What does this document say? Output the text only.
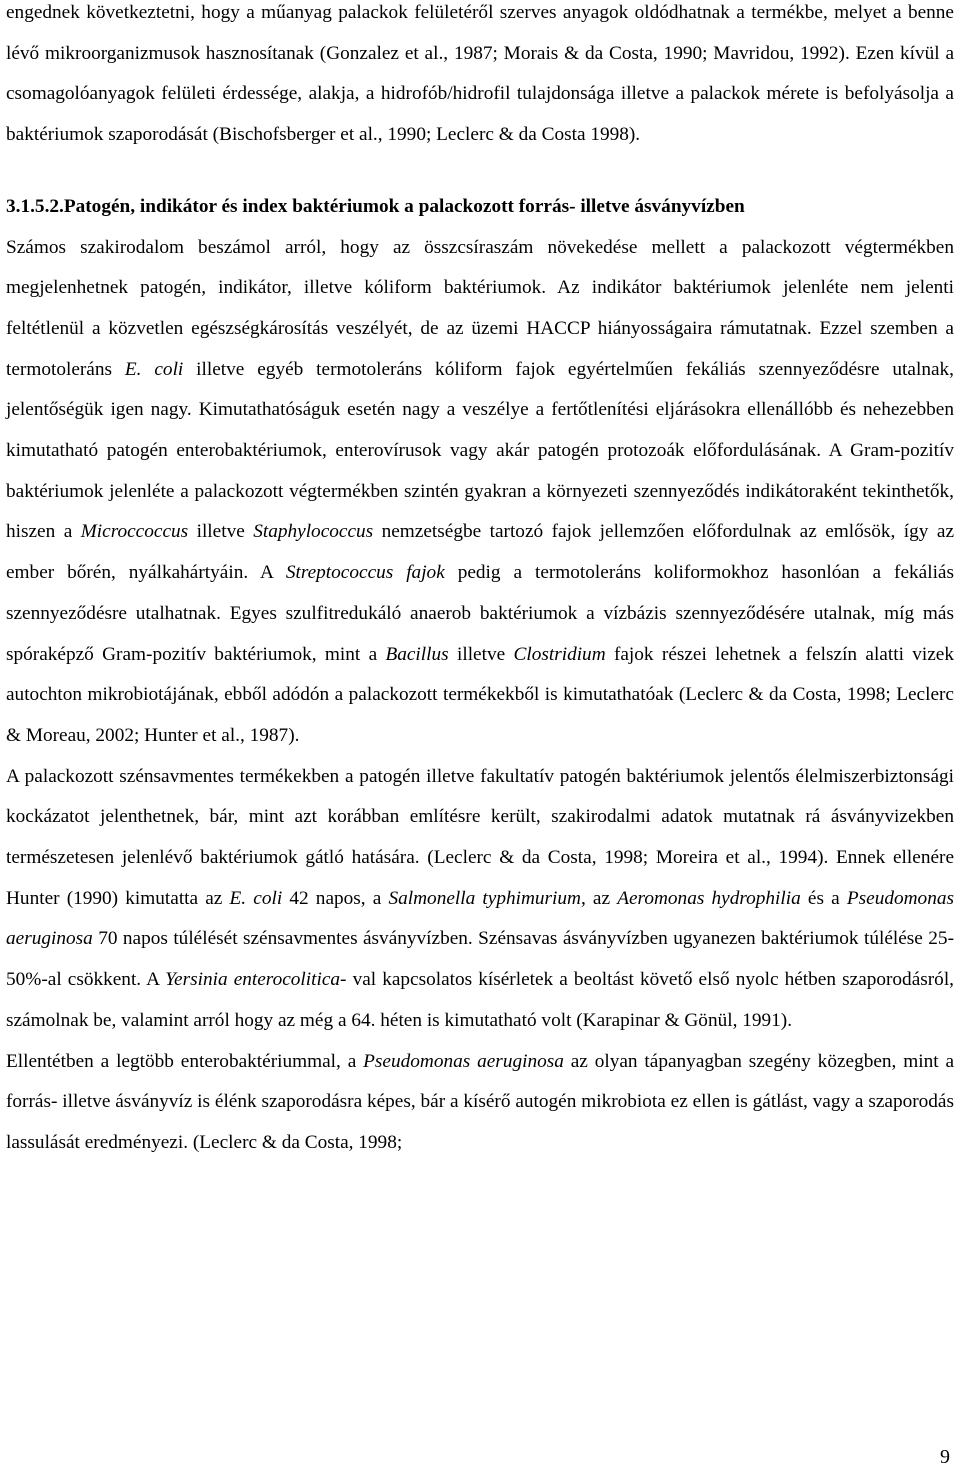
engednek következtetni, hogy a műanyag palackok felületéről szerves anyagok oldódhatnak a termékbe, melyet a benne lévő mikroorganizmusok hasznosítanak (Gonzalez et al., 1987; Morais & da Costa, 1990; Mavridou, 1992). Ezen kívül a csomagolóanyagok felületi érdessége, alakja, a hidrofób/hidrofil tulajdonsága illetve a palackok mérete is befolyásolja a baktériumok szaporodását (Bischofsberger et al., 1990; Leclerc & da Costa 1998).

3.1.5.2.Patogén, indikátor és index baktériumok a palackozott forrás- illetve ásványvízben

Számos szakirodalom beszámol arról, hogy az összcsíraszám növekedése mellett a palackozott végtermékben megjelenhetnek patogén, indikátor, illetve kóliform baktériumok. Az indikátor baktériumok jelenléte nem jelenti feltétlenül a közvetlen egészségkárosítás veszélyét, de az üzemi HACCP hiányosságaira rámutatnak. Ezzel szemben a termotoleráns E. coli illetve egyéb termotoleráns kóliform fajok egyértelműen fekáliás szennyeződésre utalnak, jelentőségük igen nagy. Kimutathatóságuk esetén nagy a veszélye a fertőtlenítési eljárásokra ellenállóbb és nehezebben kimutatható patogén enterobaktériumok, enterovírusok vagy akár patogén protozoák előfordulásának. A Gram-pozitív baktériumok jelenléte a palackozott végtermékben szintén gyakran a környezeti szennyeződés indikátoraként tekinthetők, hiszen a Microccoccus illetve Staphylococcus nemzetségbe tartozó fajok jellemzően előfordulnak az emlősök, így az ember bőrén, nyálkahártyáin. A Streptococcus fajok pedig a termotoleráns koliformokhoz hasonlóan a fekáliás szennyeződésre utalhatnak. Egyes szulfitredukáló anaerob baktériumok a vízbázis szennyeződésére utalnak, míg más spóraképző Gram-pozitív baktériumok, mint a Bacillus illetve Clostridium fajok részei lehetnek a felszín alatti vizek autochton mikrobiotájának, ebből adódón a palackozott termékekből is kimutathatóak (Leclerc & da Costa, 1998; Leclerc & Moreau, 2002; Hunter et al., 1987).

A palackozott szénsavmentes termékekben a patogén illetve fakultatív patogén baktériumok jelentős élelmiszerbiztonsági kockázatot jelenthetnek, bár, mint azt korábban említésre került, szakirodalmi adatok mutatnak rá ásványvizekben természetesen jelenlévő baktériumok gátló hatására. (Leclerc & da Costa, 1998; Moreira et al., 1994). Ennek ellenére Hunter (1990) kimutatta az E. coli 42 napos, a Salmonella typhimurium, az Aeromonas hydrophilia és a Pseudomonas aeruginosa 70 napos túlélését szénsavmentes ásványvízben. Szénsavas ásványvízben ugyanezen baktériumok túlélése 25-50%-al csökkent. A Yersinia enterocolitica- val kapcsolatos kísérletek a beoltást követő első nyolc hétben szaporodásról, számolnak be, valamint arról hogy az még a 64. héten is kimutatható volt (Karapinar & Gönül, 1991).

Ellentétben a legtöbb enterobaktériummal, a Pseudomonas aeruginosa az olyan tápanyagban szegény közegben, mint a forrás- illetve ásványvíz is élénk szaporodásra képes, bár a kísérő autogén mikrobiota ez ellen is gátlást, vagy a szaporodás lassulását eredményezi. (Leclerc & da Costa, 1998;

9
